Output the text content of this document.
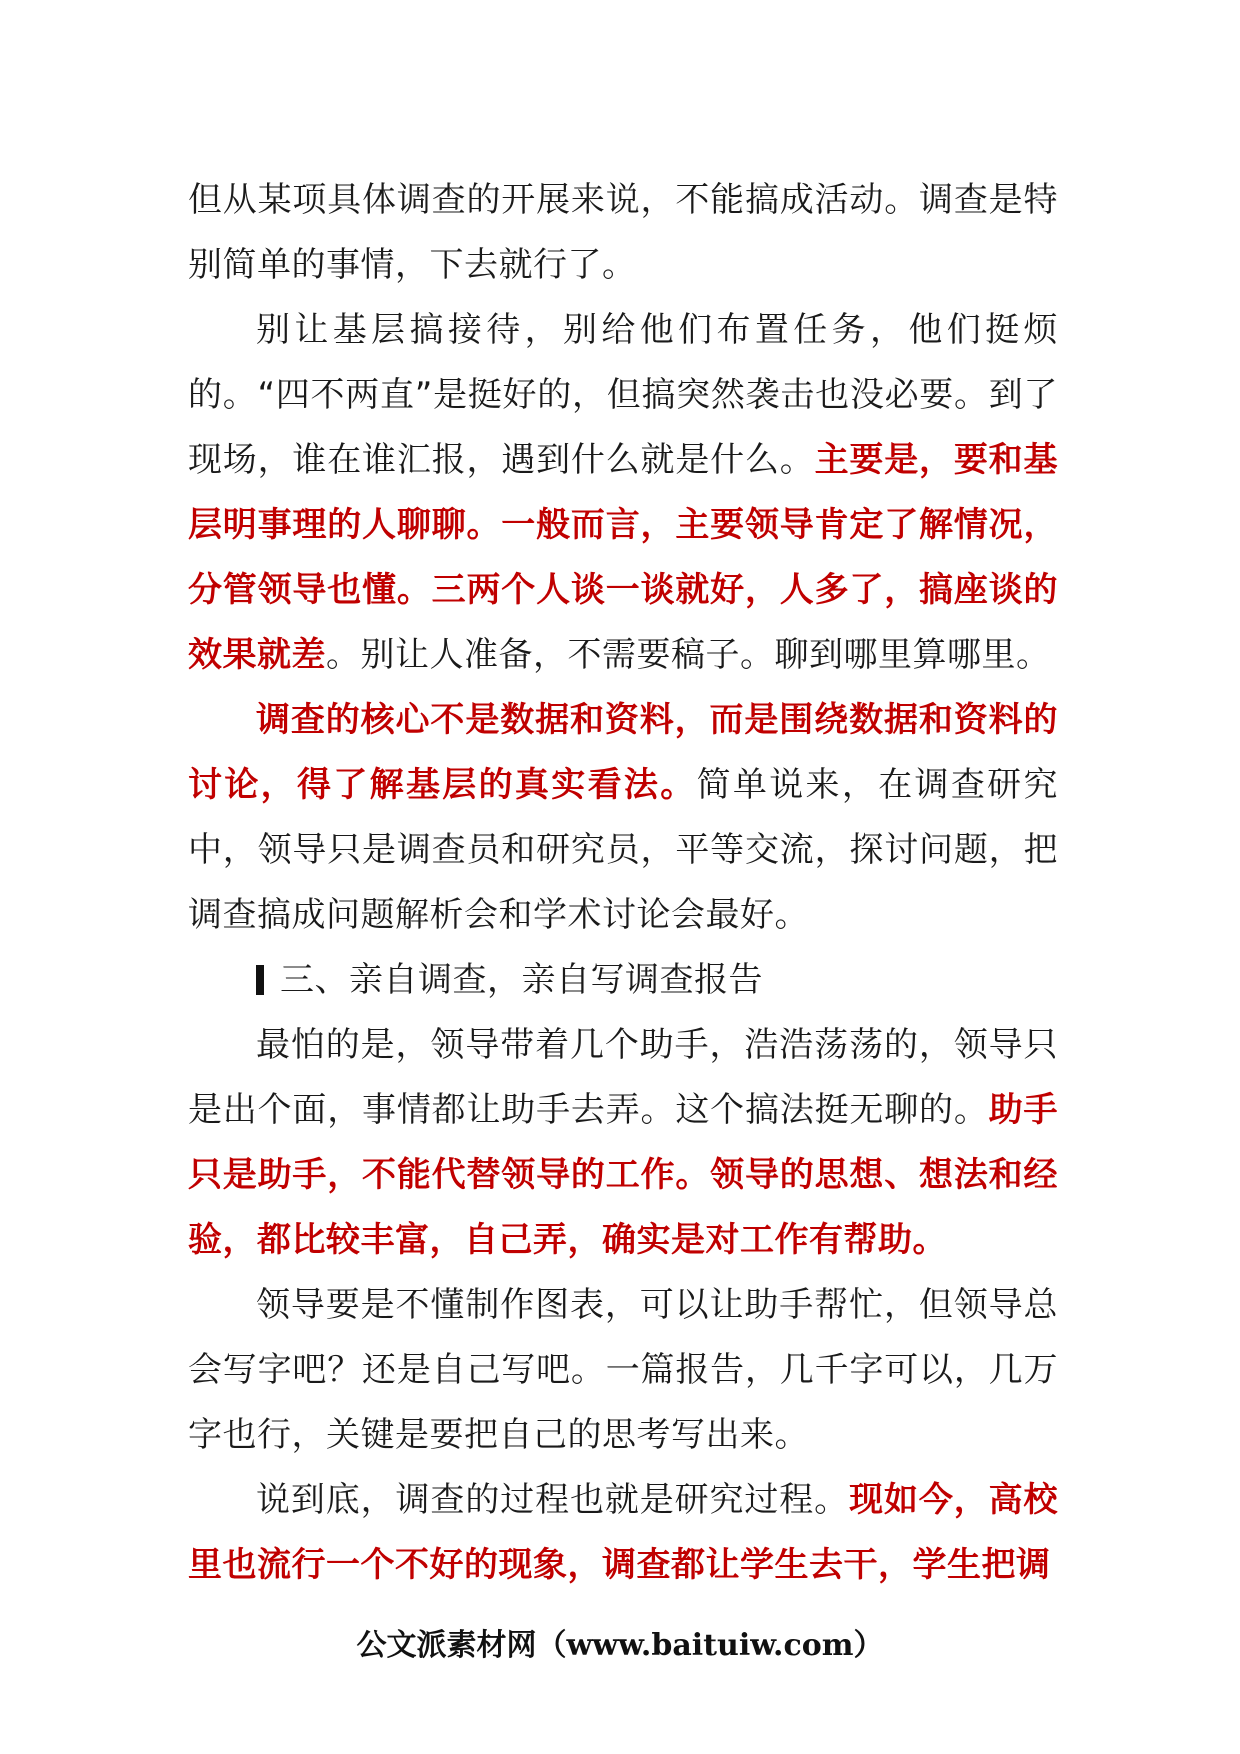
但从某项具体调查的开展来说，不能搞成活动。调查是特别简单的事情，下去就行了。

别让基层搞接待，别给他们布置任务，他们挺烦的。“四不两直”是挺好的，但搞突然袭击也没必要。到了现场，谁在谁汇报，遇到什么就是什么。主要是，要和基层明事理的人聊聊。一般而言，主要领导肯定了解情况，分管领导也懂。三两个人谈一谈就好，人多了，搞座谈的效果就差。别让人准备，不需要稿子。聊到哪里算哪里。

调查的核心不是数据和资料，而是围绕数据和资料的讨论，得了解基层的真实看法。简单说来，在调查研究中，领导只是调查员和研究员，平等交流，探讨问题，把调查搞成问题解析会和学术讨论会最好。

三、亲自调查，亲自写调查报告

最怕的是，领导带着几个助手，浩浩荡荡的，领导只是出个面，事情都让助手去弄。这个搞法挺无聊的。助手只是助手，不能代替领导的工作。领导的思想、想法和经验，都比较丰富，自己弄，确实是对工作有帮助。

领导要是不懂制作图表，可以让助手帮忙，但领导总会写字吧？还是自己写吧。一篇报告，几千字可以，几万字也行，关键是要把自己的思考写出来。

说到底，调查的过程也就是研究过程。现如今，高校里也流行一个不好的现象，调查都让学生去干，学生把调

公文派素材网（www.baituiw.com）
